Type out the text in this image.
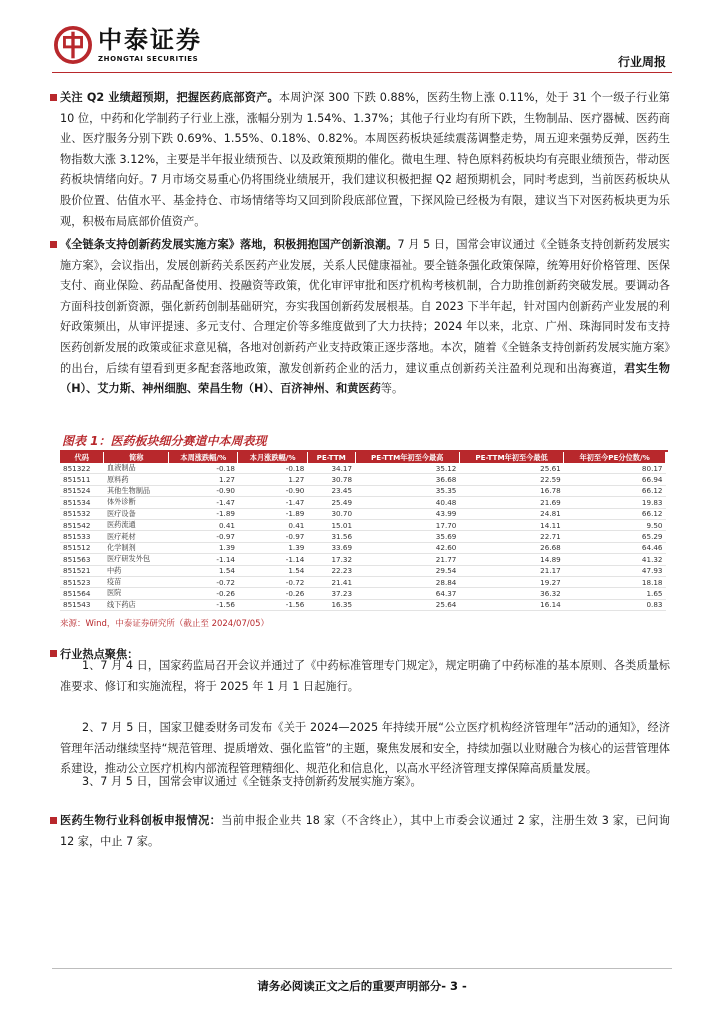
中泰证券
ZHONGTAI SECURITIES	行业周报
关注 Q2 业绩超预期，把握医药底部资产。本周沪深 300 下跌 0.88%，医药生物上涨 0.11%，处于 31 个一级子行业第 10 位，中药和化学制药子行业上涨，涨幅分别为 1.54%、1.37%；其他子行业均有所下跌，生物制品、医疗器械、医药商业、医疗服务分别下跌 0.69%、1.55%、0.18%、0.82%。本周医药板块延续震荡调整走势，周五迎来强势反弹，医药生物指数大涨 3.12%，主要是半年报业绩预告、以及政策预期的催化。微电生理、特色原料药板块均有亮眼业绩预告，带动医药板块情绪向好。7 月市场交易重心仍将围绕业绩展开，我们建议积极把握 Q2 超预期机会，同时考虑到，当前医药板块从股价位置、估值水平、基金持仓、市场情绪等均又回到阶段底部位置，下探风险已经极为有限，建议当下对医药板块更为乐观，积极布局底部价值资产。
《全链条支持创新药发展实施方案》落地，积极拥抱国产创新浪潮。7 月 5 日，国常会审议通过《全链条支持创新药发展实施方案》，会议指出，发展创新药关系医药产业发展，关系人民健康福祉。要全链条强化政策保障，统筹用好价格管理、医保支付、商业保险、药品配备使用、投融资等政策，优化审评审批和医疗机构考核机制，合力助推创新药突破发展。要调动各方面科技创新资源，强化新药创制基础研究，夯实我国创新药发展根基。自 2023 下半年起，针对国内创新药产业发展的利好政策频出，从审评提速、多元支付、合理定价等多维度做到了大力扶持；2024 年以来，北京、广州、珠海同时发布支持医药创新发展的政策或征求意见稿，各地对创新药产业支持政策正逐步落地。本次，随着《全链条支持创新药发展实施方案》的出台，后续有望看到更多配套落地政策，激发创新药企业的活力，建议重点创新药关注盈利兑现和出海赛道，君实生物（H）、艾力斯、神州细胞、荣昌生物（H）、百济神州、和黄医药等。
图表 1：医药板块细分赛道中本周表现
代码	简称	本周涨跌幅/%	本月涨跌幅/%	PE-TTM	PE-TTM年初至今最高	PE-TTM年初至今最低	年初至今PE分位数/%
851322	血液制品	-0.18	-0.18	34.17	35.12	25.61	80.17
851511	原料药	1.27	1.27	30.78	36.68	22.59	66.94
851524	其他生物制品	-0.90	-0.90	23.45	35.35	16.78	66.12
851534	体外诊断	-1.47	-1.47	25.49	40.48	21.69	19.83
851532	医疗设备	-1.89	-1.89	30.70	43.99	24.81	66.12
851542	医药流通	0.41	0.41	15.01	17.70	14.11	9.50
851533	医疗耗材	-0.97	-0.97	31.56	35.69	22.71	65.29
851512	化学制剂	1.39	1.39	33.69	42.60	26.68	64.46
851563	医疗研发外包	-1.14	-1.14	17.32	21.77	14.89	41.32
851521	中药	1.54	1.54	22.23	29.54	21.17	47.93
851523	疫苗	-0.72	-0.72	21.41	28.84	19.27	18.18
851564	医院	-0.26	-0.26	37.23	64.37	36.32	1.65
851543	线下药店	-1.56	-1.56	16.35	25.64	16.14	0.83
来源：Wind，中泰证券研究所（截止至 2024/07/05）
行业热点聚焦：
1、7 月 4 日，国家药监局召开会议并通过了《中药标准管理专门规定》，规定明确了中药标准的基本原则、各类质量标准要求、修订和实施流程，将于 2025 年 1 月 1 日起施行。
2、7 月 5 日，国家卫健委财务司发布《关于 2024—2025 年持续开展“公立医疗机构经济管理年”活动的通知》，经济管理年活动继续坚持“规范管理、提质增效、强化监管”的主题，聚焦发展和安全，持续加强以业财融合为核心的运营管理体系建设，推动公立医疗机构内部流程管理精细化、规范化和信息化，以高水平经济管理支撑保障高质量发展。
3、7 月 5 日，国常会审议通过《全链条支持创新药发展实施方案》。
医药生物行业科创板申报情况：当前申报企业共 18 家（不含终止），其中上市委会议通过 2 家，注册生效 3 家，已问询 12 家，中止 7 家。
请务必阅读正文之后的重要声明部分- 3 -
